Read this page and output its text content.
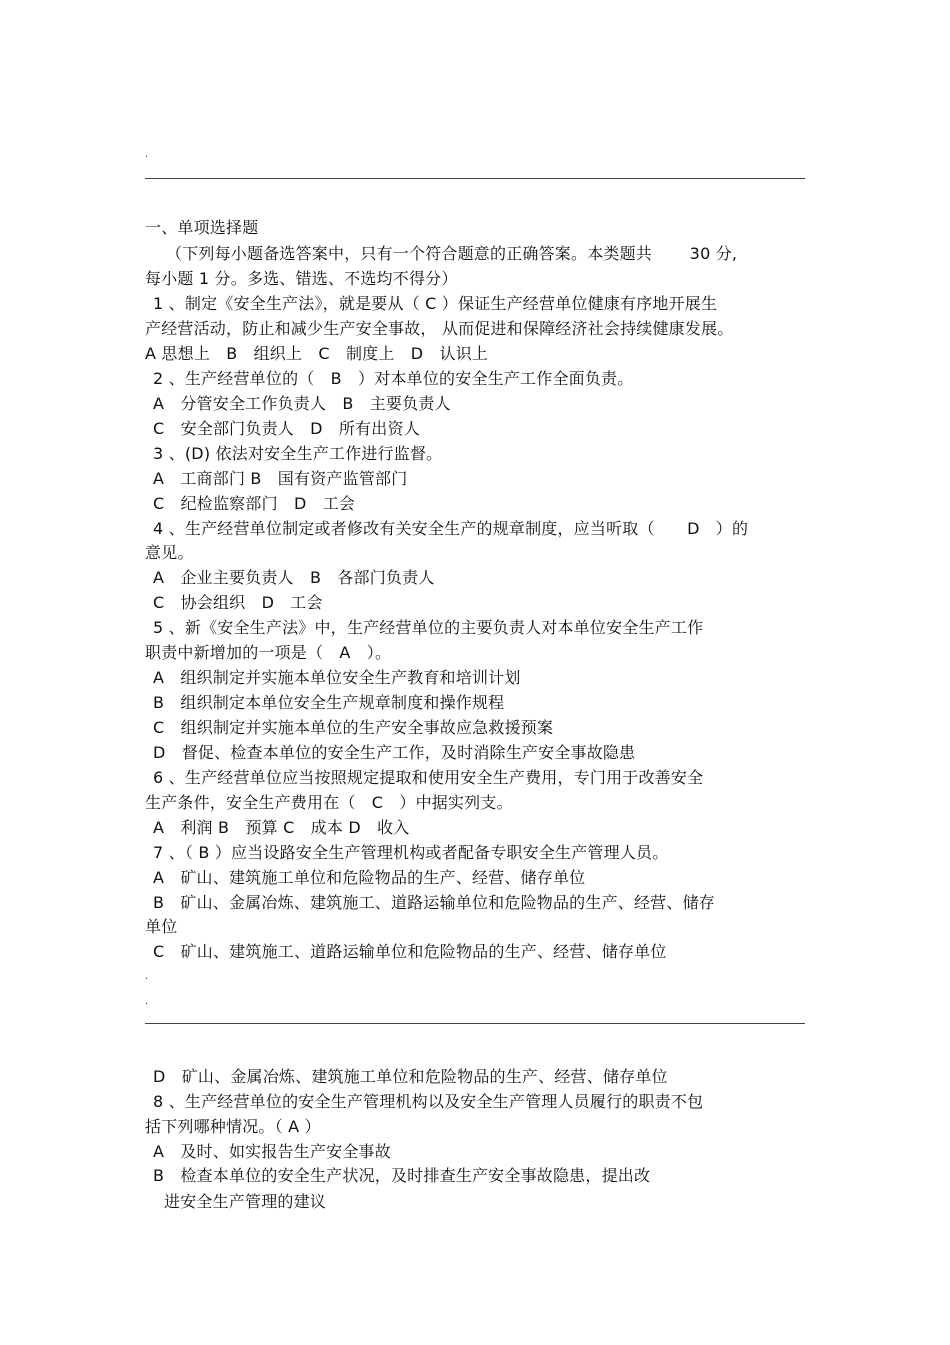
.
一、单项选择题
（下列每小题备选答案中，只有一个符合题意的正确答案。本类题共 　　30 分,
每小题 1 分。多选、错选、不选均不得分）
1 、制定《安全生产法》，就是要从（ C ）保证生产经营单位健康有序地开展生
产经营活动，防止和减少生产安全事故， 从而促进和保障经济社会持续健康发展。
A 思想上　B　组织上　C　制度上　D　认识上
2 、生产经营单位的（　B　）对本单位的安全生产工作全面负责。
A　分管安全工作负责人　B　主要负责人
C　安全部门负责人　D　所有出资人
3 、(D) 依法对安全生产工作进行监督。
A　工商部门 B　国有资产监管部门
C　纪检监察部门　D　工会
4 、生产经营单位制定或者修改有关安全生产的规章制度，应当听取（　　D　）的
意见。
A　企业主要负责人　B　各部门负责人
C　协会组织　D　工会
5 、新《安全生产法》中，生产经营单位的主要负责人对本单位安全生产工作
职责中新增加的一项是（　A　）。
A　组织制定并实施本单位安全生产教育和培训计划
B　组织制定本单位安全生产规章制度和操作规程
C　组织制定并实施本单位的生产安全事故应急救援预案
D　督促、检查本单位的安全生产工作，及时消除生产安全事故隐患
6 、生产经营单位应当按照规定提取和使用安全生产费用，专门用于改善安全
生产条件，安全生产费用在（　C　）中据实列支。
A　利润 B　预算 C　成本 D　收入
7 、（ B ）应当设路安全生产管理机构或者配备专职安全生产管理人员。
A　矿山、建筑施工单位和危险物品的生产、经营、储存单位
B　矿山、金属冶炼、建筑施工、道路运输单位和危险物品的生产、经营、储存
单位
C　矿山、建筑施工、道路运输单位和危险物品的生产、经营、储存单位
.
.
D　矿山、金属冶炼、建筑施工单位和危险物品的生产、经营、储存单位
8 、生产经营单位的安全生产管理机构以及安全生产管理人员履行的职责不包
括下列哪种情况。（ A ）
A　及时、如实报告生产安全事故
B　检查本单位的安全生产状况，及时排查生产安全事故隐患，提出改
进安全生产管理的建议
